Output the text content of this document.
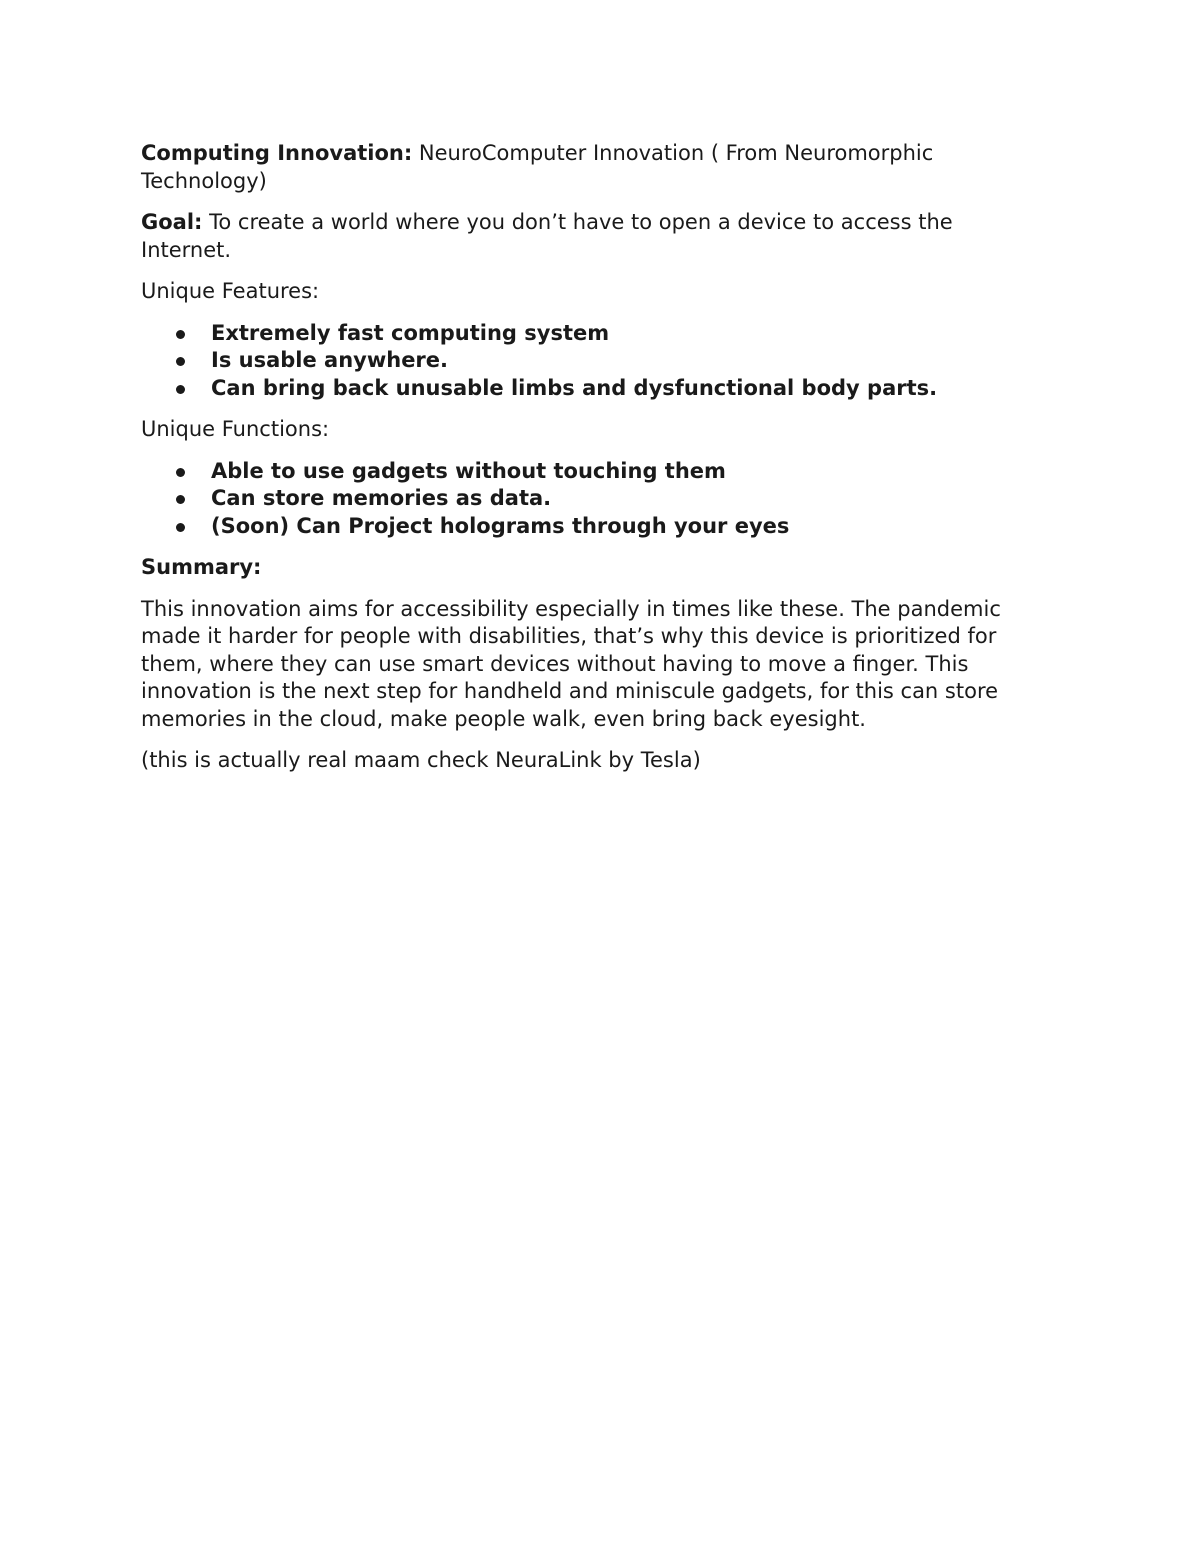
Computing Innovation: NeuroComputer Innovation ( From Neuromorphic Technology)

Goal: To create a world where you don’t have to open a device to access the Internet.

Unique Features:

Extremely fast computing system
Is usable anywhere.
Can bring back unusable limbs and dysfunctional body parts.

Unique Functions:

Able to use gadgets without touching them
Can store memories as data.
(Soon) Can Project holograms through your eyes

Summary:

This innovation aims for accessibility especially in times like these. The pandemic made it harder for people with disabilities, that’s why this device is prioritized for them, where they can use smart devices without having to move a finger. This innovation is the next step for handheld and miniscule gadgets, for this can store memories in the cloud, make people walk, even bring back eyesight.

(this is actually real maam check NeuraLink by Tesla)
